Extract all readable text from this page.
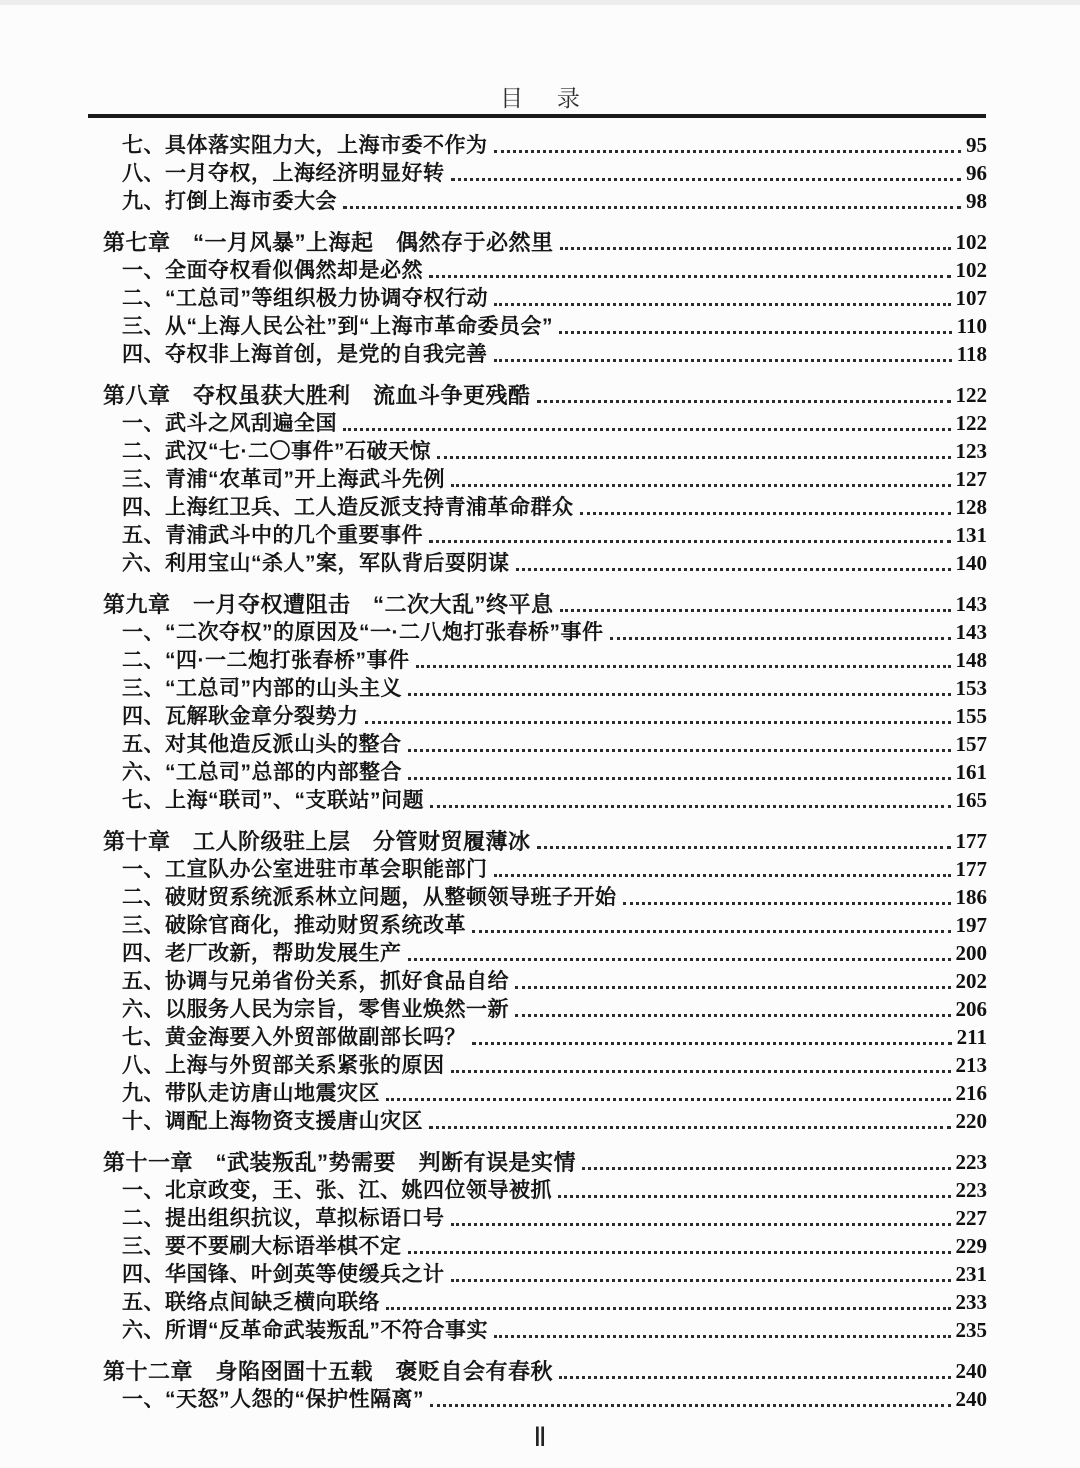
目 录
七、具体落实阻力大，上海市委不作为	95
八、一月夺权，上海经济明显好转	96
九、打倒上海市委大会	98
第七章　“一月风暴”上海起　偶然存于必然里	102
一、全面夺权看似偶然却是必然	102
二、“工总司”等组织极力协调夺权行动	107
三、从“上海人民公社”到“上海市革命委员会”	110
四、夺权非上海首创，是党的自我完善	118
第八章　夺权虽获大胜利　流血斗争更残酷	122
一、武斗之风刮遍全国	122
二、武汉“七·二〇事件”石破天惊	123
三、青浦“农革司”开上海武斗先例	127
四、上海红卫兵、工人造反派支持青浦革命群众	128
五、青浦武斗中的几个重要事件	131
六、利用宝山“杀人”案，军队背后耍阴谋	140
第九章　一月夺权遭阻击　“二次大乱”终平息	143
一、“二次夺权”的原因及“一·二八炮打张春桥”事件	143
二、“四·一二炮打张春桥”事件	148
三、“工总司”内部的山头主义	153
四、瓦解耿金章分裂势力	155
五、对其他造反派山头的整合	157
六、“工总司”总部的内部整合	161
七、上海“联司”、“支联站”问题	165
第十章　工人阶级驻上层　分管财贸履薄冰	177
一、工宣队办公室进驻市革会职能部门	177
二、破财贸系统派系林立问题，从整顿领导班子开始	186
三、破除官商化，推动财贸系统改革	197
四、老厂改新，帮助发展生产	200
五、协调与兄弟省份关系，抓好食品自给	202
六、以服务人民为宗旨，零售业焕然一新	206
七、黄金海要入外贸部做副部长吗？	211
八、上海与外贸部关系紧张的原因	213
九、带队走访唐山地震灾区	216
十、调配上海物资支援唐山灾区	220
第十一章　“武装叛乱”势需要　判断有误是实情	223
一、北京政变，王、张、江、姚四位领导被抓	223
二、提出组织抗议，草拟标语口号	227
三、要不要刷大标语举棋不定	229
四、华国锋、叶剑英等使缓兵之计	231
五、联络点间缺乏横向联络	233
六、所谓“反革命武装叛乱”不符合事实	235
第十二章　身陷囹圄十五载　褒贬自会有春秋	240
一、“天怒”人怨的“保护性隔离”	240
Ⅱ
